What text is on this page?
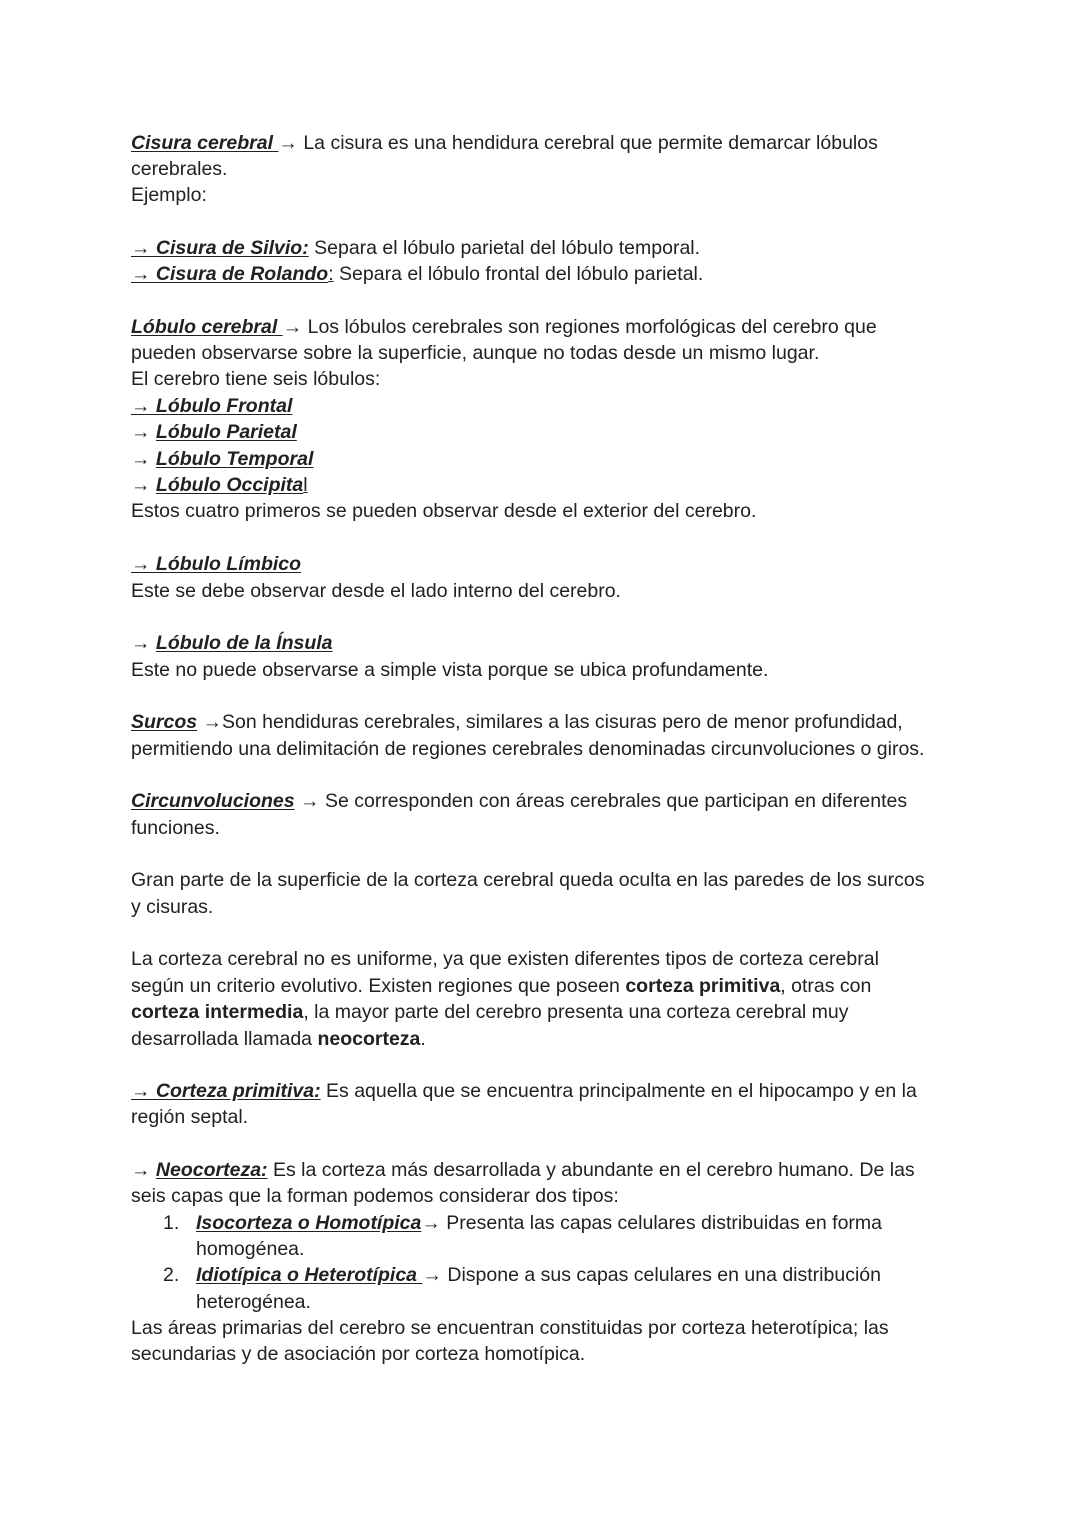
Cisura cerebral → La cisura es una hendidura cerebral que permite demarcar lóbulos

cerebrales.

Ejemplo:

→ Cisura de Silvio: Separa el lóbulo parietal del lóbulo temporal.

→ Cisura de Rolando: Separa el lóbulo frontal del lóbulo parietal.

Lóbulo cerebral → Los lóbulos cerebrales son regiones morfológicas del cerebro que

pueden observarse sobre la superficie, aunque no todas desde un mismo lugar.

El cerebro tiene seis lóbulos:

→ Lóbulo Frontal

→ Lóbulo Parietal

→ Lóbulo Temporal

→ Lóbulo Occipital

Estos cuatro primeros se pueden observar desde el exterior del cerebro.

→ Lóbulo Límbico

Este se debe observar desde el lado interno del cerebro.

→ Lóbulo de la Ínsula

Este no puede observarse a simple vista porque se ubica profundamente.

Surcos →Son hendiduras cerebrales, similares a las cisuras pero de menor profundidad,

permitiendo una delimitación de regiones cerebrales denominadas circunvoluciones o giros.

Circunvoluciones → Se corresponden con áreas cerebrales que participan en diferentes

funciones.

Gran parte de la superficie de la corteza cerebral queda oculta en las paredes de los surcos

y cisuras.

La corteza cerebral no es uniforme, ya que existen diferentes tipos de corteza cerebral

según un criterio evolutivo. Existen regiones que poseen corteza primitiva, otras con

corteza intermedia, la mayor parte del cerebro presenta una corteza cerebral muy

desarrollada llamada neocorteza.

→ Corteza primitiva: Es aquella que se encuentra principalmente en el hipocampo y en la

región septal.

→ Neocorteza: Es la corteza más desarrollada y abundante en el cerebro humano. De las

seis capas que la forman podemos considerar dos tipos:

1. Isocorteza o Homotípica→ Presenta las capas celulares distribuidas en forma

homogénea.

2. Idiotípica o Heterotípica → Dispone a sus capas celulares en una distribución

heterogénea.

Las áreas primarias del cerebro se encuentran constituidas por corteza heterotípica; las

secundarias y de asociación por corteza homotípica.
